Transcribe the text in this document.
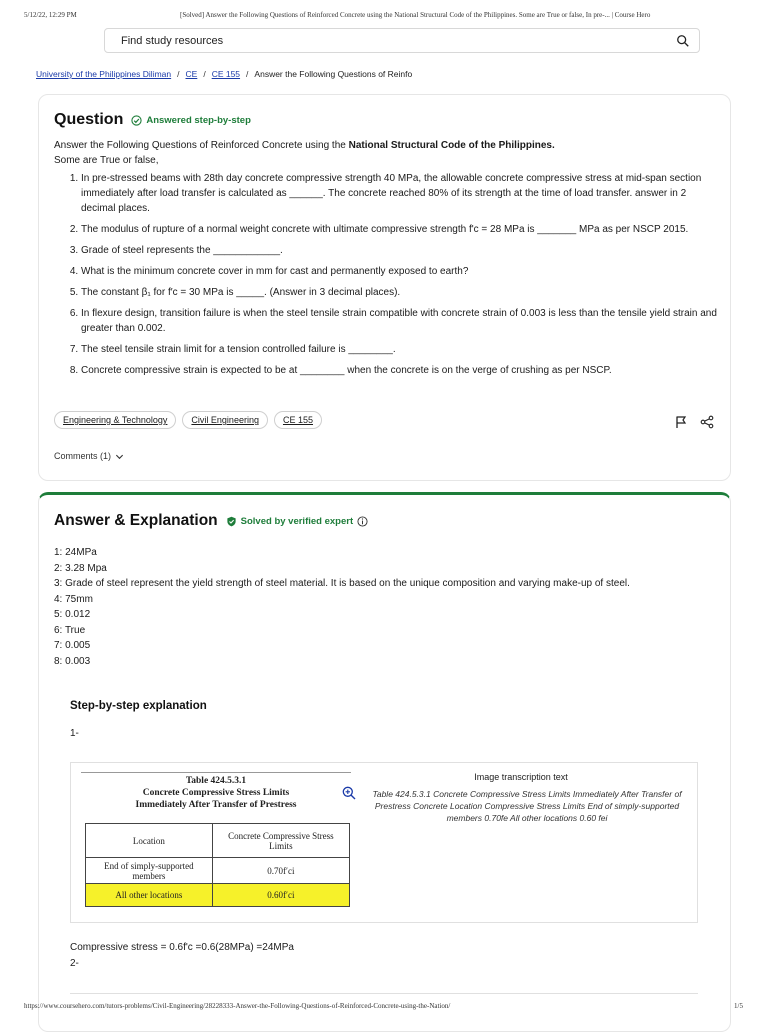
5/12/22, 12:29 PM	[Solved] Answer the Following Questions of Reinforced Concrete using the National Structural Code of the Philippines. Some are True or false, In pre-... | Course Hero
Find study resources
University of the Philippines Diliman / CE / CE 155 / Answer the Following Questions of Reinfo
Question Answered step-by-step

Answer the Following Questions of Reinforced Concrete using the National Structural Code of the Philippines.

Some are True or false,

1. In pre-stressed beams with 28th day concrete compressive strength 40 MPa, the allowable concrete compressive stress at mid-span section immediately after load transfer is calculated as ______. The concrete reached 80% of its strength at the time of load transfer. answer in 2 decimal places.
2. The modulus of rupture of a normal weight concrete with ultimate compressive strength f'c = 28 MPa is _______ MPa as per NSCP 2015.
3. Grade of steel represents the ____________.
4. What is the minimum concrete cover in mm for cast and permanently exposed to earth?
5. The constant β₁ for f′c = 30 MPa is _____. (Answer in 3 decimal places).
6. In flexure design, transition failure is when the steel tensile strain compatible with concrete strain of 0.003 is less than the tensile yield strain and greater than 0.002.
7. The steel tensile strain limit for a tension controlled failure is ________.
8. Concrete compressive strain is expected to be at ________ when the concrete is on the verge of crushing as per NSCP.
Engineering & Technology	Civil Engineering	CE 155
Comments (1)
Answer & Explanation Solved by verified expert
1: 24MPa
2: 3.28 Mpa
3: Grade of steel represent the yield strength of steel material. It is based on the unique composition and varying make-up of steel.
4: 75mm
5: 0.012
6: True
7: 0.005
8: 0.003
Step-by-step explanation
1-
Table 424.5.3.1
Concrete Compressive Stress Limits
Immediately After Transfer of Prestress
Location	Concrete Compressive Stress Limits
End of simply-supported members	0.70f′ci
All other locations	0.60f′ci
Image transcription text
Table 424.5.3.1 Concrete Compressive Stress Limits Immediately After Transfer of Prestress Concrete Location Compressive Stress Limits End of simply-supported members 0.70fe All other locations 0.60 fei
Compressive stress = 0.6f'c =0.6(28MPa) =24MPa
2-
https://www.coursehero.com/tutors-problems/Civil-Engineering/28228333-Answer-the-Following-Questions-of-Reinforced-Concrete-using-the-Nation/	1/5
